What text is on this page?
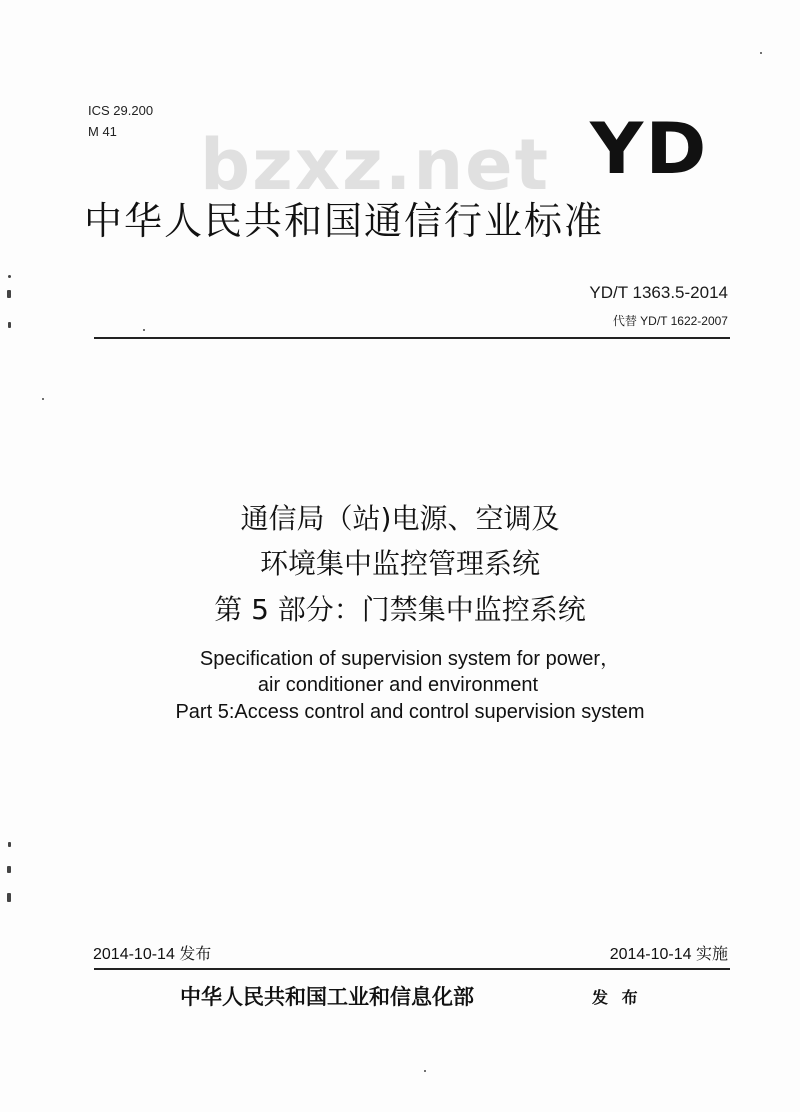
ICS 29.200
M 41	bzxz.net YD
中华人民共和国通信行业标准
YD/T 1363.5-2014
代替 YD/T 1622-2007
通信局（站)电源、空调及
环境集中监控管理系统
第 5 部分：门禁集中监控系统
Specification of supervision system for power，
air conditioner and environment
Part 5:Access control and control supervision system
2014-10-14 发布	2014-10-14 实施
中华人民共和国工业和信息化部	发 布
